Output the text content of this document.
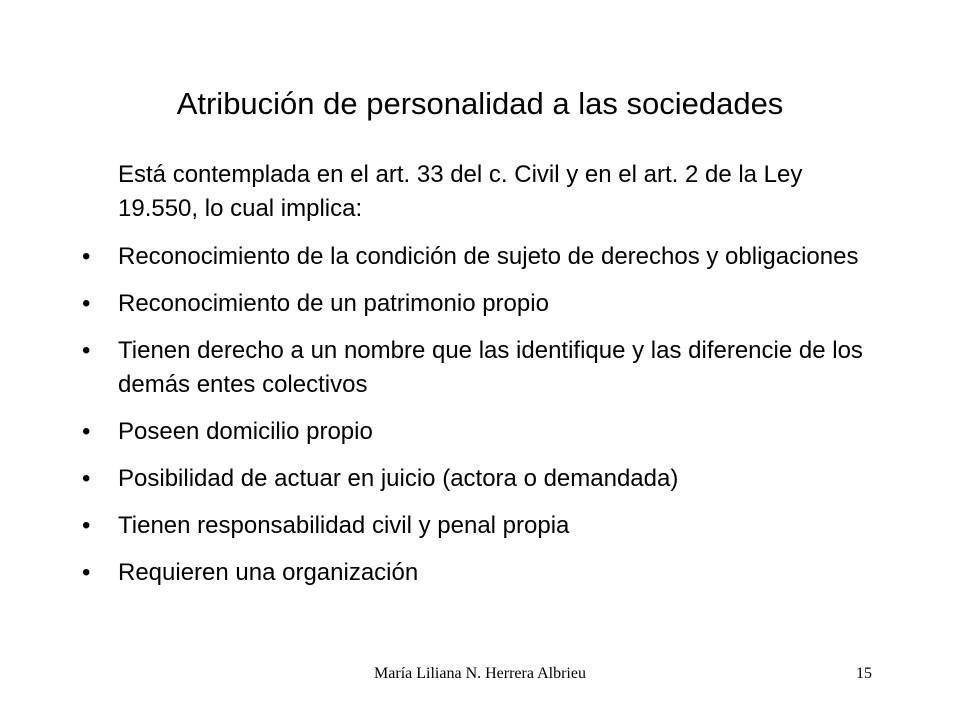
Atribución de personalidad a las sociedades
Está contemplada en el art. 33 del c. Civil y en el art. 2 de la Ley 19.550, lo cual implica:
•	Reconocimiento de la condición de sujeto de derechos y obligaciones
•	Reconocimiento de un patrimonio propio
•	Tienen derecho a un nombre que las identifique y las diferencie de los demás entes colectivos
•	Poseen domicilio propio
•	Posibilidad de actuar en juicio (actora o demandada)
•	Tienen responsabilidad civil y penal propia
•	Requieren una organización
María Liliana N. Herrera Albrieu	15
